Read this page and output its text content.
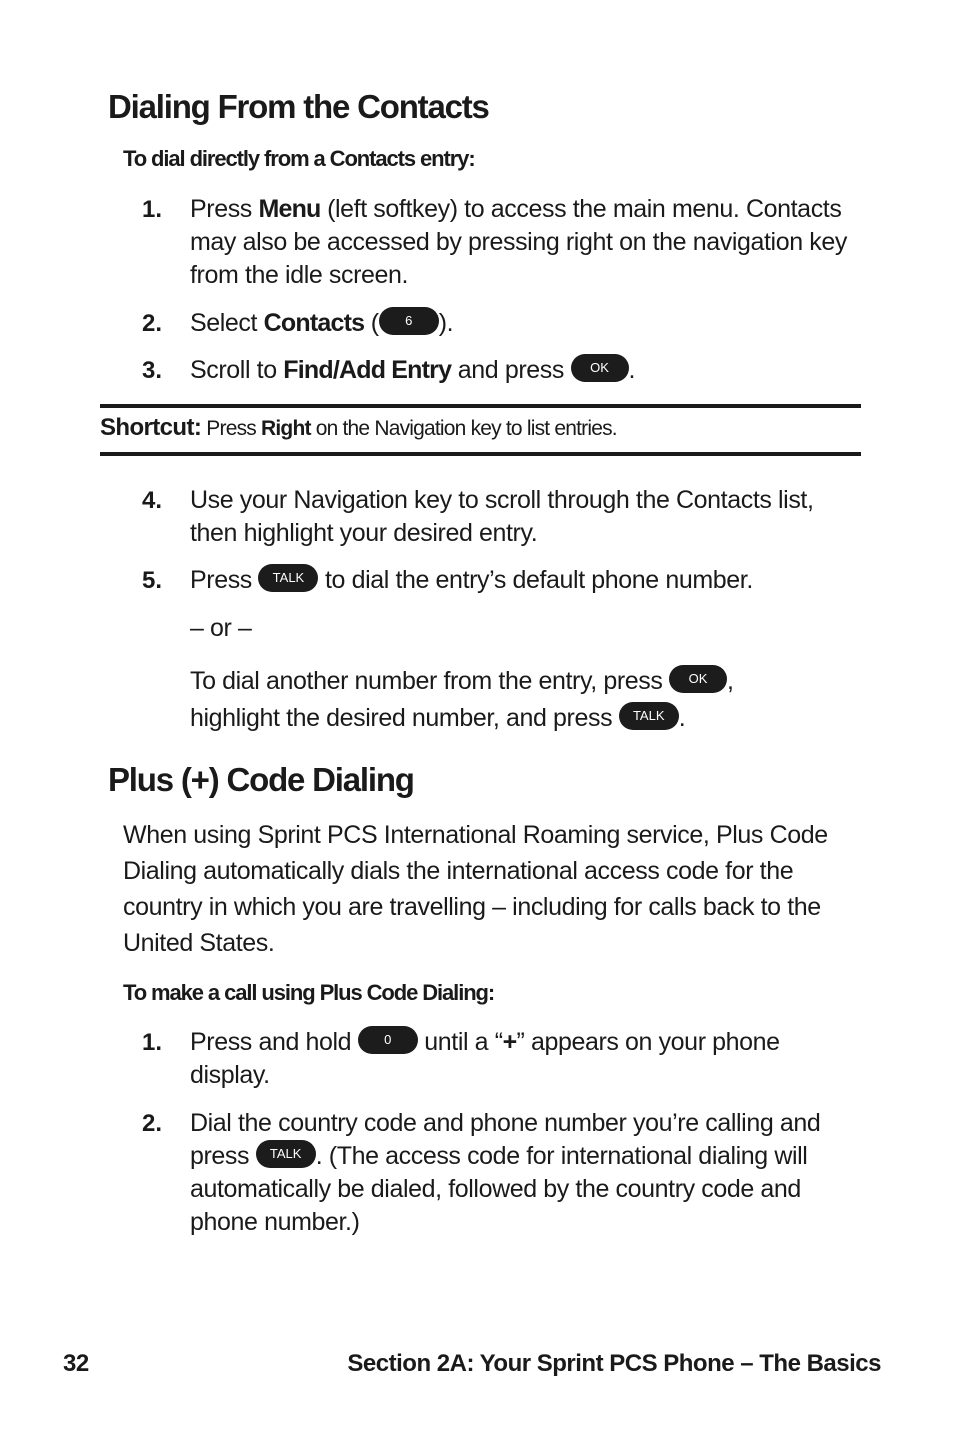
Dialing From the Contacts

To dial directly from a Contacts entry:

1. Press Menu (left softkey) to access the main menu. Contacts may also be accessed by pressing right on the navigation key from the idle screen.
2. Select Contacts ( 6 ).
3. Scroll to Find/Add Entry and press OK .
Shortcut: Press Right on the Navigation key to list entries.
4. Use your Navigation key to scroll through the Contacts list, then highlight your desired entry.
5. Press TALK to dial the entry’s default phone number.
– or –
To dial another number from the entry, press OK , highlight the desired number, and press TALK .
Plus (+) Code Dialing

When using Sprint PCS International Roaming service, Plus Code Dialing automatically dials the international access code for the country in which you are travelling – including for calls back to the United States.

To make a call using Plus Code Dialing:

1. Press and hold 0 until a “+” appears on your phone display.
2. Dial the country code and phone number you’re calling and press TALK . (The access code for international dialing will automatically be dialed, followed by the country code and phone number.)
32	Section 2A: Your Sprint PCS Phone – The Basics
